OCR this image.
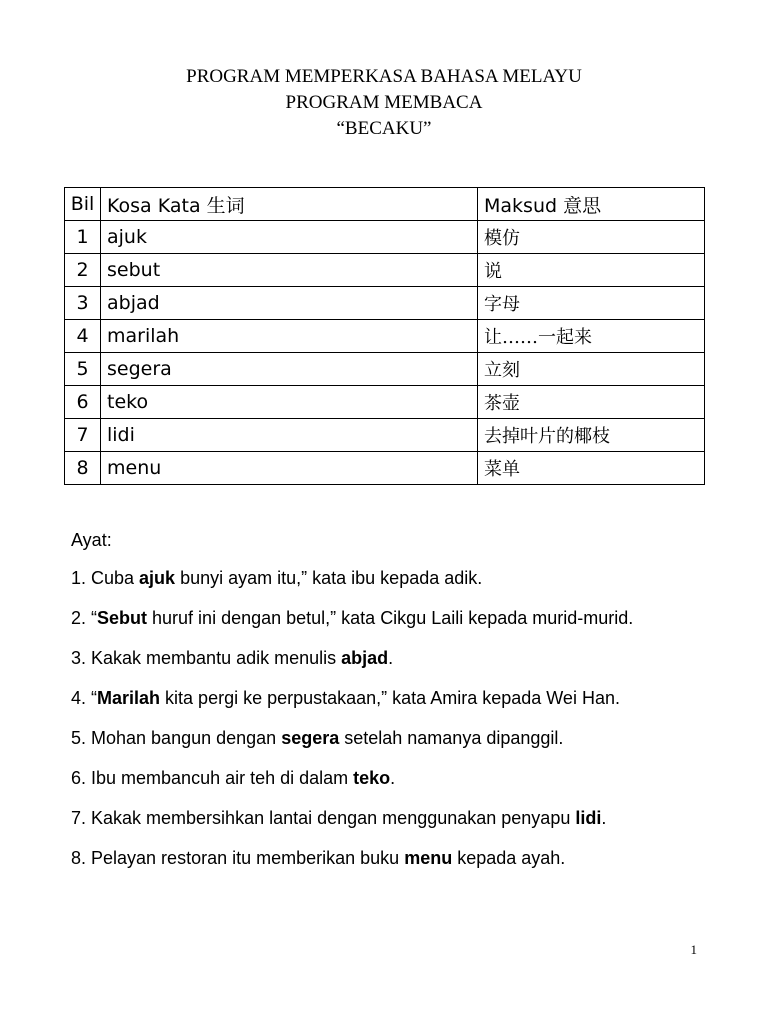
PROGRAM MEMPERKASA BAHASA MELAYU
PROGRAM MEMBACA
“BECAKU”
Bil	Kosa Kata 生词	Maksud 意思
1	ajuk	模仿
2	sebut	说
3	abjad	字母
4	marilah	让……一起来
5	segera	立刻
6	teko	茶壶
7	lidi	去掉叶片的椰枝
8	menu	菜单

Ayat:

1. Cuba ajuk bunyi ayam itu,” kata ibu kepada adik.

2. “Sebut huruf ini dengan betul,” kata Cikgu Laili kepada murid-murid.

3. Kakak membantu adik menulis abjad.

4. “Marilah kita pergi ke perpustakaan,” kata Amira kepada Wei Han.

5. Mohan bangun dengan segera setelah namanya dipanggil.

6. Ibu membancuh air teh di dalam teko.

7. Kakak membersihkan lantai dengan menggunakan penyapu lidi.

8. Pelayan restoran itu memberikan buku menu kepada ayah.

1
